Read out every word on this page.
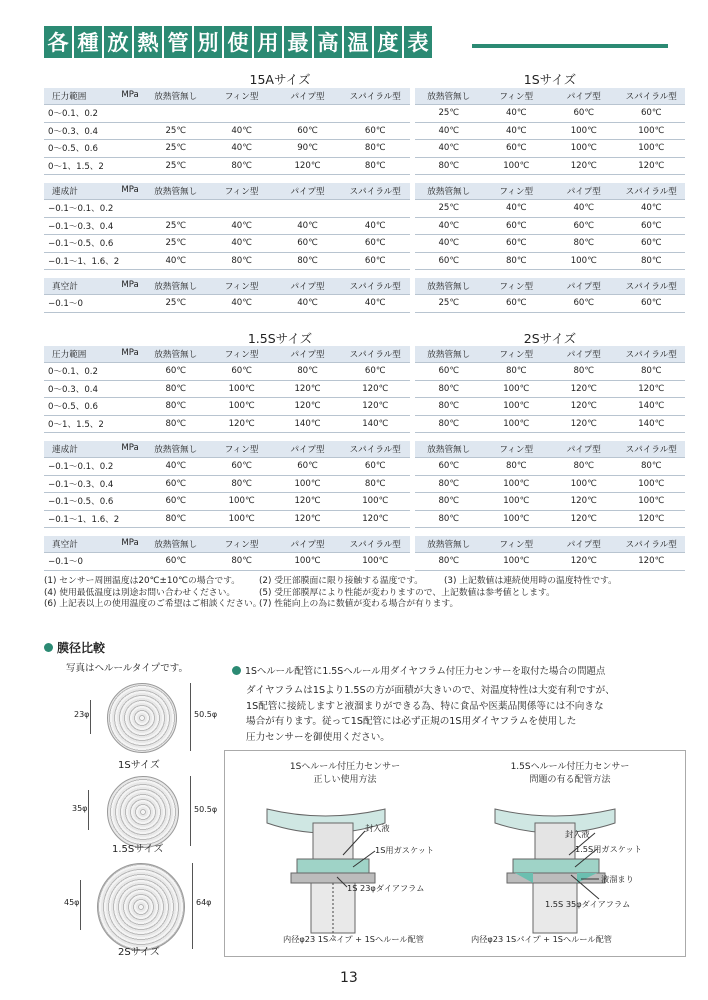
各 種 放 熱 管 別 使 用 最 高 温 度 表
15Aサイズ	1Sサイズ
1.5Sサイズ	2Sサイズ
圧力範囲 MPa	放熱管無し	フィン型	パイプ型	スパイラル型
0〜0.1、0.2				
0〜0.3、0.4	25℃	40℃	60℃	60℃
0〜0.5、0.6	25℃	40℃	90℃	80℃
0〜1、1.5、2	25℃	80℃	120℃	80℃
連成計 MPa	放熱管無し	フィン型	パイプ型	スパイラル型
−0.1〜0.1、0.2				
−0.1〜0.3、0.4	25℃	40℃	40℃	40℃
−0.1〜0.5、0.6	25℃	40℃	60℃	60℃
−0.1〜1、1.6、2	40℃	80℃	80℃	60℃
真空計 MPa	放熱管無し	フィン型	パイプ型	スパイラル型
−0.1〜0	25℃	40℃	40℃	40℃
放熱管無し	フィン型	パイプ型	スパイラル型
25℃	40℃	60℃	60℃
40℃	40℃	100℃	100℃
40℃	60℃	100℃	100℃
80℃	100℃	120℃	120℃
放熱管無し	フィン型	パイプ型	スパイラル型
25℃	40℃	40℃	40℃
40℃	60℃	60℃	60℃
40℃	60℃	80℃	60℃
60℃	80℃	100℃	80℃
放熱管無し	フィン型	パイプ型	スパイラル型
25℃	60℃	60℃	60℃
圧力範囲 MPa	放熱管無し	フィン型	パイプ型	スパイラル型
0〜0.1、0.2	60℃	60℃	80℃	60℃
0〜0.3、0.4	80℃	100℃	120℃	120℃
0〜0.5、0.6	80℃	100℃	120℃	120℃
0〜1、1.5、2	80℃	120℃	140℃	140℃
連成計 MPa	放熱管無し	フィン型	パイプ型	スパイラル型
−0.1〜0.1、0.2	40℃	60℃	60℃	60℃
−0.1〜0.3、0.4	60℃	80℃	100℃	80℃
−0.1〜0.5、0.6	60℃	100℃	120℃	100℃
−0.1〜1、1.6、2	80℃	100℃	120℃	120℃
真空計 MPa	放熱管無し	フィン型	パイプ型	スパイラル型
−0.1〜0	60℃	80℃	100℃	100℃
放熱管無し	フィン型	パイプ型	スパイラル型
60℃	80℃	80℃	80℃
80℃	100℃	120℃	120℃
80℃	100℃	120℃	140℃
80℃	100℃	120℃	140℃
放熱管無し	フィン型	パイプ型	スパイラル型
60℃	80℃	80℃	80℃
80℃	100℃	100℃	100℃
80℃	100℃	120℃	100℃
80℃	100℃	120℃	120℃
放熱管無し	フィン型	パイプ型	スパイラル型
80℃	100℃	120℃	120℃
(1) センサー周囲温度は20℃±10℃の場合です。 (2) 受圧部膜面に限り接触する温度です。 (3) 上記数値は連続使用時の温度特性です。
(4) 使用最低温度は別途お問い合わせください。	(5) 受圧部膜厚により性能が変わりますので、上記数値は参考値とします。
(6) 上記表以上の使用温度のご希望はご相談ください。
(7) 性能向上の為に数値が変わる場合が有ります。
膜径比較
写真はヘルールタイプです。
23φ	50.5φ
1Sサイズ
35φ	50.5φ
1.5Sサイズ
45φ	64φ
2Sサイズ
1Sヘルール配管に1.5Sヘルール用ダイヤフラム付圧力センサーを取付た場合の問題点
ダイヤフラムは1Sより1.5Sの方が面積が大きいので、対温度特性は大変有利ですが、
1S配管に接続しますと液溜まりができる為、特に食品や医薬品関係等には不向きな
場合が有ります。従って1S配管には必ず正規の1S用ダイヤフラムを使用した
圧力センサーを御使用ください。
1Sヘルール付圧力センサー
正しい使用方法
1.5Sヘルール付圧力センサー
問題の有る配管方法
封入液
1S用ガスケット
1S 23φダイアフラム
内径φ23 1Sパイプ + 1Sヘルール配管
封入液
1.5S用ガスケット
液溜まり
1.5S 35φダイアフラム
内径φ23 1Sパイプ + 1Sヘルール配管
13
